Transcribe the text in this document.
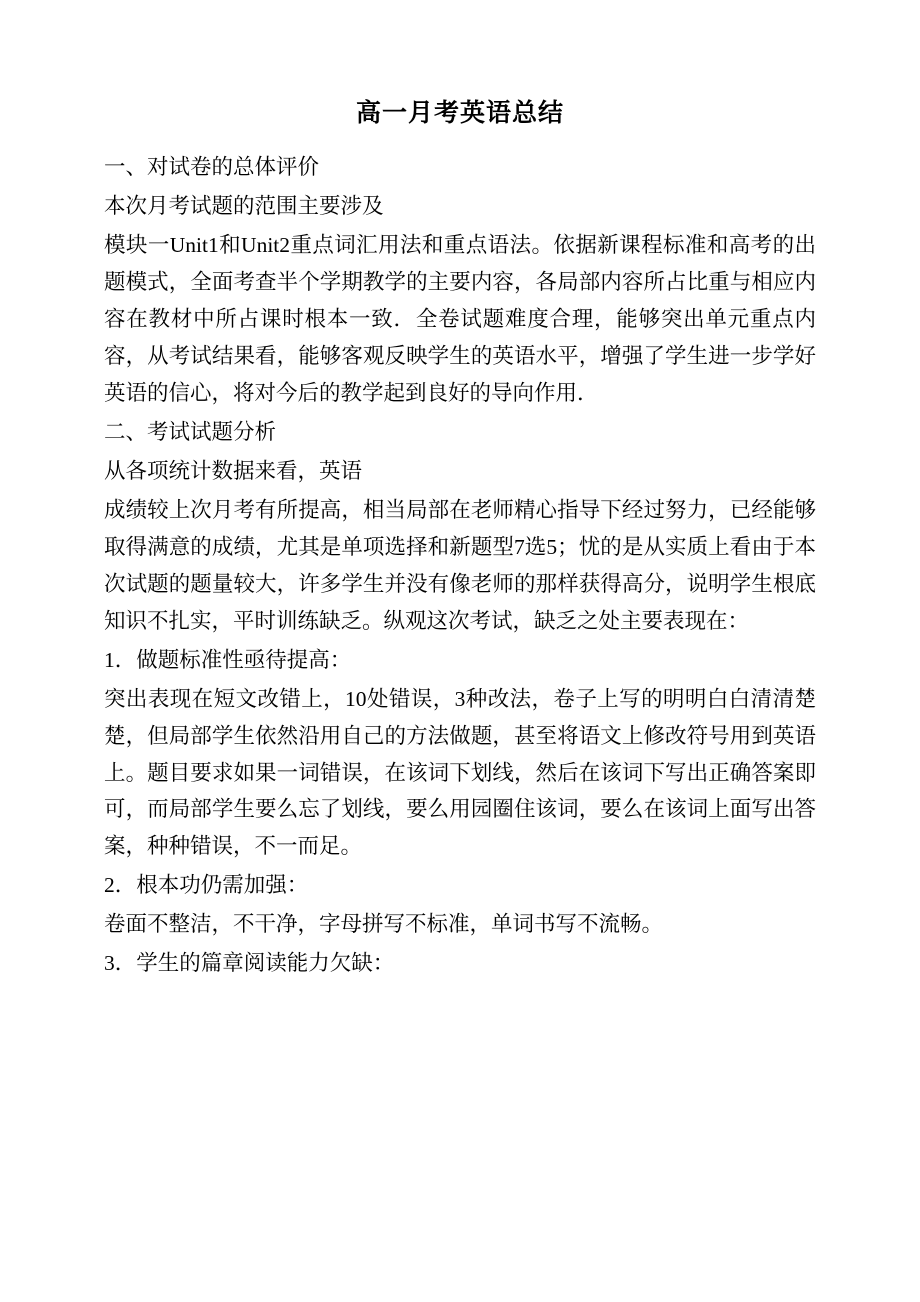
高一月考英语总结

一、对试卷的总体评价

本次月考试题的范围主要涉及

模块一Unit1和Unit2重点词汇用法和重点语法。依据新课程标准和高考的出题模式，全面考查半个学期教学的主要内容，各局部内容所占比重与相应内容在教材中所占课时根本一致．全卷试题难度合理，能够突出单元重点内容，从考试结果看，能够客观反映学生的英语水平，增强了学生进一步学好英语的信心，将对今后的教学起到良好的导向作用．

二、考试试题分析

从各项统计数据来看，英语

成绩较上次月考有所提高，相当局部在老师精心指导下经过努力，已经能够取得满意的成绩，尤其是单项选择和新题型7选5；忧的是从实质上看由于本次试题的题量较大，许多学生并没有像老师的那样获得高分，说明学生根底知识不扎实，平时训练缺乏。纵观这次考试，缺乏之处主要表现在：

1．做题标准性亟待提高：

突出表现在短文改错上，10处错误，3种改法，卷子上写的明明白白清清楚楚，但局部学生依然沿用自己的方法做题，甚至将语文上修改符号用到英语上。题目要求如果一词错误，在该词下划线，然后在该词下写出正确答案即可，而局部学生要么忘了划线，要么用园圈住该词，要么在该词上面写出答案，种种错误，不一而足。

2．根本功仍需加强：

卷面不整洁，不干净，字母拼写不标准，单词书写不流畅。

3．学生的篇章阅读能力欠缺：
